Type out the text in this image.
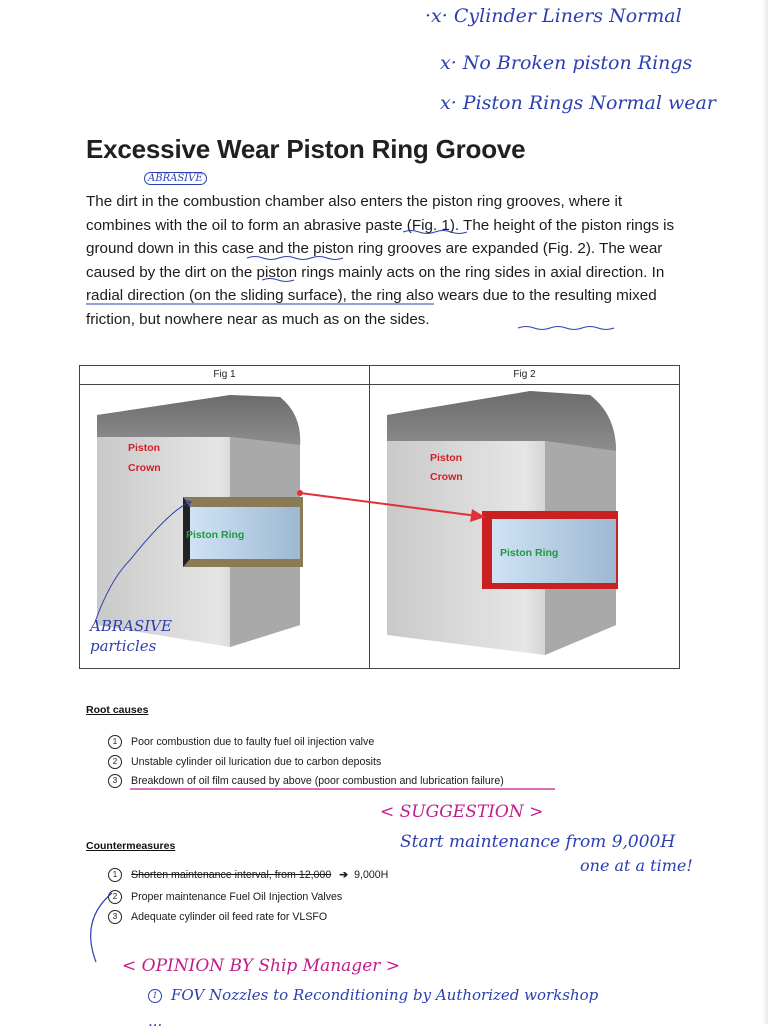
·x· Cylinder Liners Normal
x· No Broken piston Rings
x· Piston Rings Normal wear
Excessive Wear Piston Ring Groove
ABRASIVE

The dirt in the combustion chamber also enters the piston ring grooves, where it combines with the oil to form an abrasive paste (Fig. 1). The height of the piston rings is ground down in this case and the piston ring grooves are expanded (Fig. 2). The wear caused by the dirt on the piston rings mainly acts on the ring sides in axial direction. In radial direction (on the sliding surface), the ring also wears due to the resulting mixed friction, but nowhere near as much as on the sides.

Fig 1
Piston
Crown
Piston Ring
Fig 2
Piston
Crown
Piston Ring
ABRASIVE particles
Root causes
1 Poor combustion due to faulty fuel oil injection valve
2 Unstable cylinder oil lurication due to carbon deposits
3 Breakdown of oil film caused by above (poor combustion and lubrication failure)
< SUGGESTION >
Start maintenance from 9,000H
one at a time!
Countermeasures
1 Shorten maintenance interval, from 12,000 ➔ 9,000H
2 Proper maintenance Fuel Oil Injection Valves
3 Adequate cylinder oil feed rate for VLSFO
< OPINION BY Ship Manager >
1 FOV Nozzles to Reconditioning by Authorized workshop
...
